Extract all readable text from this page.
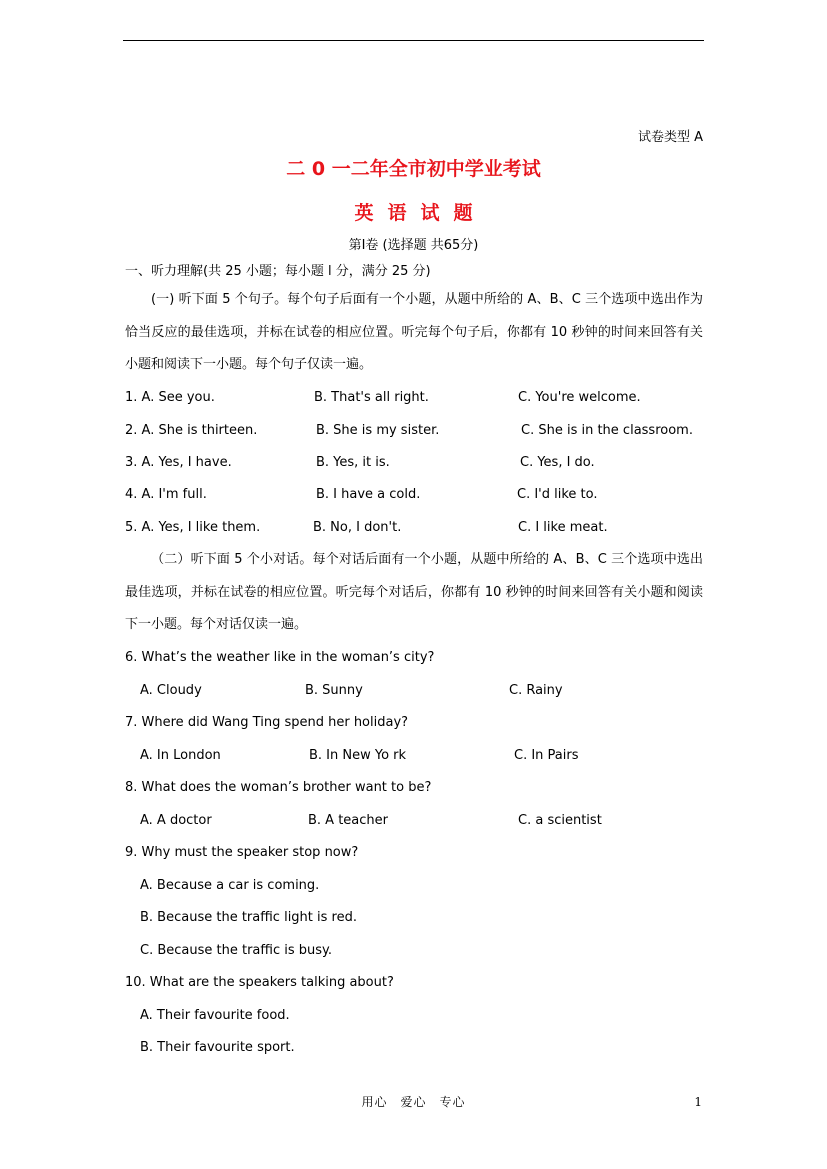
试卷类型 A
二 0 一二年全市初中学业考试
英语试题
第Ⅰ卷 (选择题 共65分)
一、听力理解(共 25 小题；每小题 l 分，满分 25 分)
(一) 听下面 5 个句子。每个句子后面有一个小题，从题中所给的 A、B、C 三个选项中选出作为恰当反应的最佳选项，并标在试卷的相应位置。听完每个句子后，你都有 10 秒钟的时间来回答有关小题和阅读下一小题。每个句子仅读一遍。
1. A. See you.	B. That's all right.	C. You're welcome.
2. A. She is thirteen.	B. She is my sister.	C. She is in the classroom.
3. A. Yes, I have.	B. Yes, it is.	C. Yes, I do.
4. A. I'm full.	B. I have a cold.	C. I'd like to.
5. A. Yes, I like them.	B. No, I don't.	C. I like meat.
（二）听下面 5 个小对话。每个对话后面有一个小题，从题中所给的 A、B、C 三个选项中选出最佳选项，并标在试卷的相应位置。听完每个对话后，你都有 10 秒钟的时间来回答有关小题和阅读下一小题。每个对话仅读一遍。
6. What’s the weather like in the woman’s city?
A. Cloudy	B. Sunny	C. Rainy
7. Where did Wang Ting spend her holiday?
A. In London	B. In New Yo rk	C. In Pairs
8. What does the woman’s brother want to be?
A. A doctor	B. A teacher	C. a scientist
9. Why must the speaker stop now?
A. Because a car is coming.
B. Because the traffic light is red.
C. Because the traffic is busy.
10. What are the speakers talking about?
A. Their favourite food.
B. Their favourite sport.
用心　爱心　专心	1
